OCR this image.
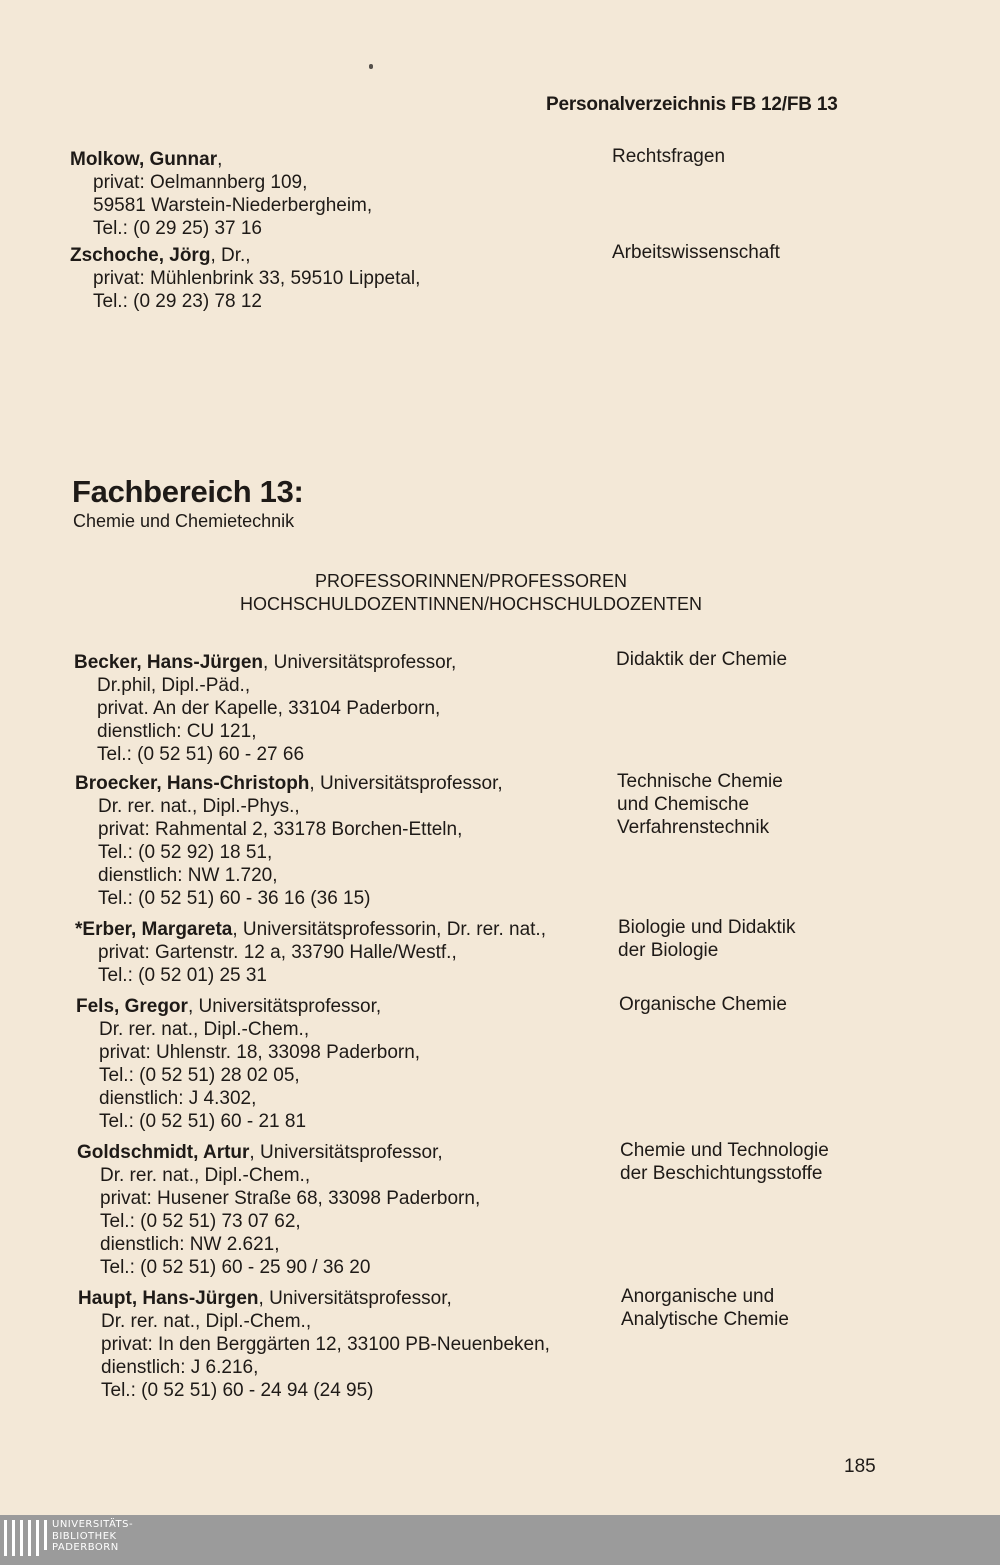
Personalverzeichnis FB 12/FB 13
Molkow, Gunnar,
privat: Oelmannberg 109,
59581 Warstein-Niederbergheim,
Tel.: (0 29 25) 37 16
Rechtsfragen
Zschoche, Jörg, Dr.,
privat: Mühlenbrink 33, 59510 Lippetal,
Tel.: (0 29 23) 78 12
Arbeitswissenschaft
Fachbereich 13:
Chemie und Chemietechnik
PROFESSORINNEN/PROFESSOREN
HOCHSCHULDOZENTINNEN/HOCHSCHULDOZENTEN
Becker, Hans-Jürgen, Universitätsprofessor,
Dr.phil, Dipl.-Päd.,
privat. An der Kapelle, 33104 Paderborn,
dienstlich: CU 121,
Tel.: (0 52 51) 60 - 27 66
Didaktik der Chemie
Broecker, Hans-Christoph, Universitätsprofessor,
Dr. rer. nat., Dipl.-Phys.,
privat: Rahmental 2, 33178 Borchen-Etteln,
Tel.: (0 52 92) 18 51,
dienstlich: NW 1.720,
Tel.: (0 52 51) 60 - 36 16 (36 15)
Technische Chemie
und Chemische
Verfahrenstechnik
*Erber, Margareta, Universitätsprofessorin, Dr. rer. nat.,
privat: Gartenstr. 12 a, 33790 Halle/Westf.,
Tel.: (0 52 01) 25 31
Biologie und Didaktik
der Biologie
Fels, Gregor, Universitätsprofessor,
Dr. rer. nat., Dipl.-Chem.,
privat: Uhlenstr. 18, 33098 Paderborn,
Tel.: (0 52 51) 28 02 05,
dienstlich: J 4.302,
Tel.: (0 52 51) 60 - 21 81
Organische Chemie
Goldschmidt, Artur, Universitätsprofessor,
Dr. rer. nat., Dipl.-Chem.,
privat: Husener Straße 68, 33098 Paderborn,
Tel.: (0 52 51) 73 07 62,
dienstlich: NW 2.621,
Tel.: (0 52 51) 60 - 25 90 / 36 20
Chemie und Technologie
der Beschichtungsstoffe
Haupt, Hans-Jürgen, Universitätsprofessor,
Dr. rer. nat., Dipl.-Chem.,
privat: In den Berggärten 12, 33100 PB-Neuenbeken,
dienstlich: J 6.216,
Tel.: (0 52 51) 60 - 24 94 (24 95)
Anorganische und
Analytische Chemie
185
UNIVERSITÄTS-
BIBLIOTHEK
PADERBORN
